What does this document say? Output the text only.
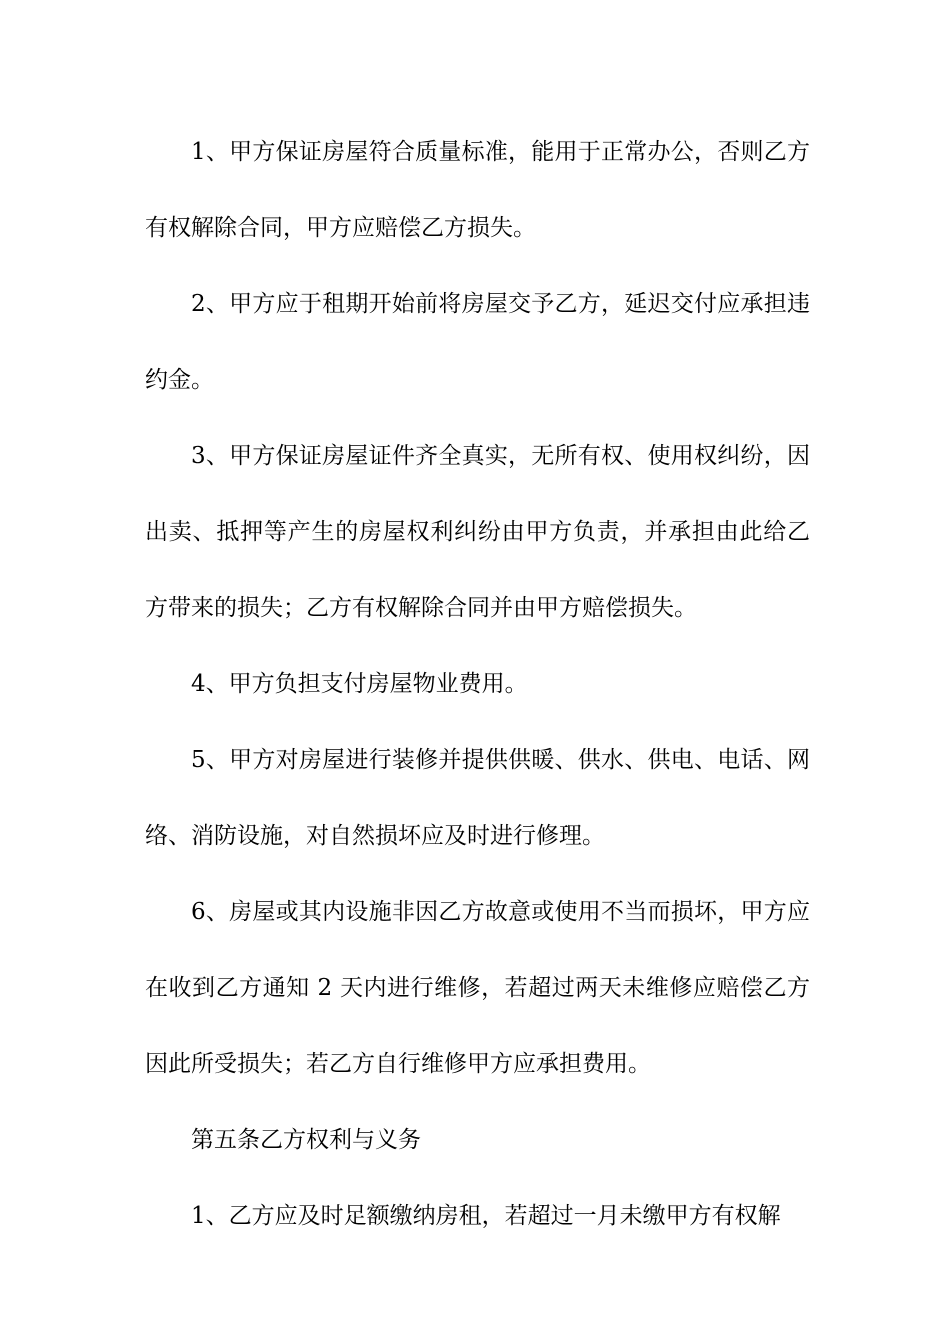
1、甲方保证房屋符合质量标准，能用于正常办公，否则乙方有权解除合同，甲方应赔偿乙方损失。

2、甲方应于租期开始前将房屋交予乙方，延迟交付应承担违约金。

3、甲方保证房屋证件齐全真实，无所有权、使用权纠纷，因出卖、抵押等产生的房屋权利纠纷由甲方负责，并承担由此给乙方带来的损失；乙方有权解除合同并由甲方赔偿损失。

4、甲方负担支付房屋物业费用。

5、甲方对房屋进行装修并提供供暖、供水、供电、电话、网络、消防设施，对自然损坏应及时进行修理。

6、房屋或其内设施非因乙方故意或使用不当而损坏，甲方应在收到乙方通知 2 天内进行维修，若超过两天未维修应赔偿乙方因此所受损失；若乙方自行维修甲方应承担费用。

第五条乙方权利与义务

1、乙方应及时足额缴纳房租，若超过一月未缴甲方有权解
